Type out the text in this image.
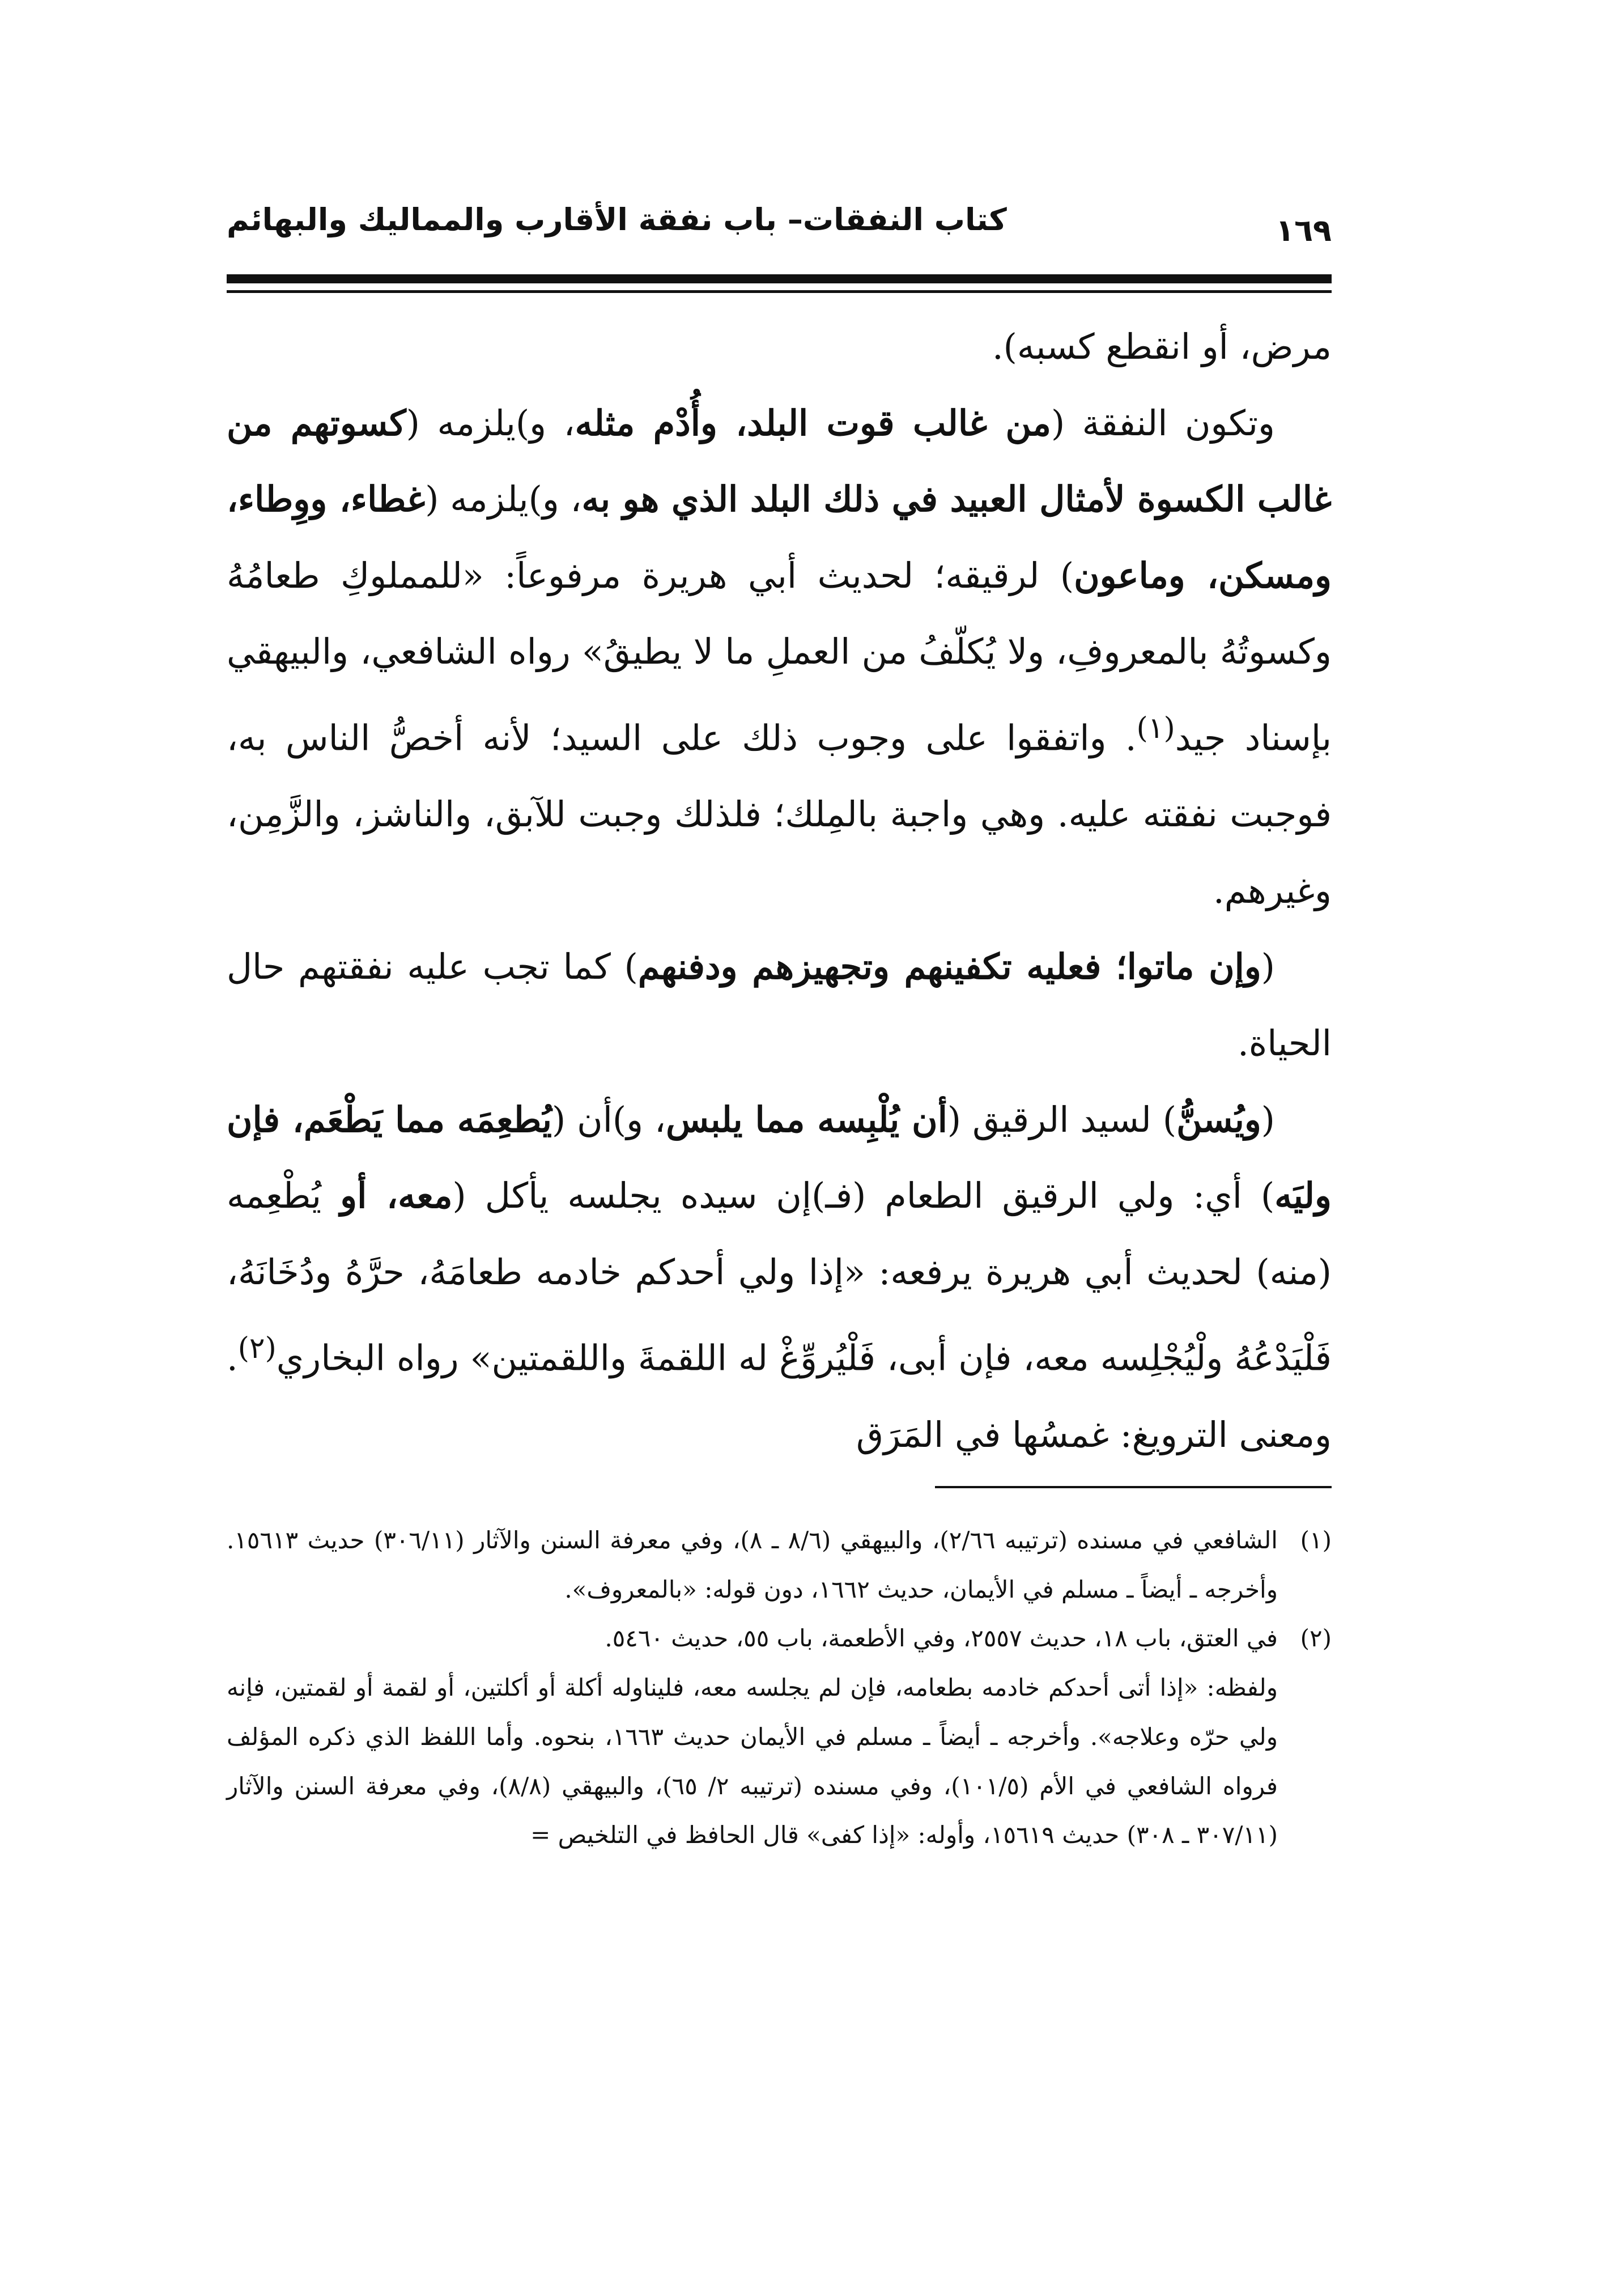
كتاب النفقات– باب نفقة الأقارب والمماليك والبهائم	١٦٩

مرض، أو انقطع كسبه).

وتكون النفقة (من غالب قوت البلد، وأُدْم مثله، و)يلزمه (كسوتهم من غالب الكسوة لأمثال العبيد في ذلك البلد الذي هو به، و)يلزمه (غطاء، ووِطاء، ومسكن، وماعون) لرقيقه؛ لحديث أبي هريرة مرفوعاً: «للمملوكِ طعامُهُ وكسوتُهُ بالمعروفِ، ولا يُكلّفُ من العملِ ما لا يطيقُ» رواه الشافعي، والبيهقي بإسناد جيد$^{(١)}$. واتفقوا على وجوب ذلك على السيد؛ لأنه أخصُّ الناس به، فوجبت نفقته عليه. وهي واجبة بالمِلك؛ فلذلك وجبت للآبق، والناشز، والزَّمِن، وغيرهم.

(وإن ماتوا؛ فعليه تكفينهم وتجهيزهم ودفنهم) كما تجب عليه نفقتهم حال الحياة.

(ويُسنُّ) لسيد الرقيق (أن يُلْبِسه مما يلبس، و)أن (يُطعِمَه مما يَطْعَم، فإن وليَه) أي: ولي الرقيق الطعام (فـ)إن سيده يجلسه يأكل (معه، أو يُطْعِمه (منه) لحديث أبي هريرة يرفعه: «إذا ولي أحدكم خادمه طعامَهُ، حرَّهُ ودُخَانَهُ، فَلْيَدْعُهُ ولْيُجْلِسه معه، فإن أبى، فَلْيُروِّغْ له اللقمةَ واللقمتين» رواه البخاري$^{(٢)}$. ومعنى الترويغ: غمسُها في المَرَق

(١)

الشافعي في مسنده (ترتيبه ٢/٦٦)، والبيهقي (٨/٦ ـ ٨)، وفي معرفة السنن والآثار (٣٠٦/١١) حديث ١٥٦١٣. وأخرجه ـ أيضاً ـ مسلم في الأيمان، حديث ١٦٦٢، دون قوله: «بالمعروف».

(٢)

في العتق، باب ١٨، حديث ٢٥٥٧، وفي الأطعمة، باب ٥٥، حديث ٥٤٦٠.

ولفظه: «إذا أتى أحدكم خادمه بطعامه، فإن لم يجلسه معه، فليناوله أكلة أو أكلتين، أو لقمة أو لقمتين، فإنه ولي حرّه وعلاجه». وأخرجه ـ أيضاً ـ مسلم في الأيمان حديث ١٦٦٣، بنحوه. وأما اللفظ الذي ذكره المؤلف فرواه الشافعي في الأم (١٠١/٥)، وفي مسنده (ترتيبه ٢/ ٦٥)، والبيهقي (٨/٨)، وفي معرفة السنن والآثار (٣٠٧/١١ ـ ٣٠٨) حديث ١٥٦١٩، وأوله: «إذا كفى» قال الحافظ في التلخيص =
